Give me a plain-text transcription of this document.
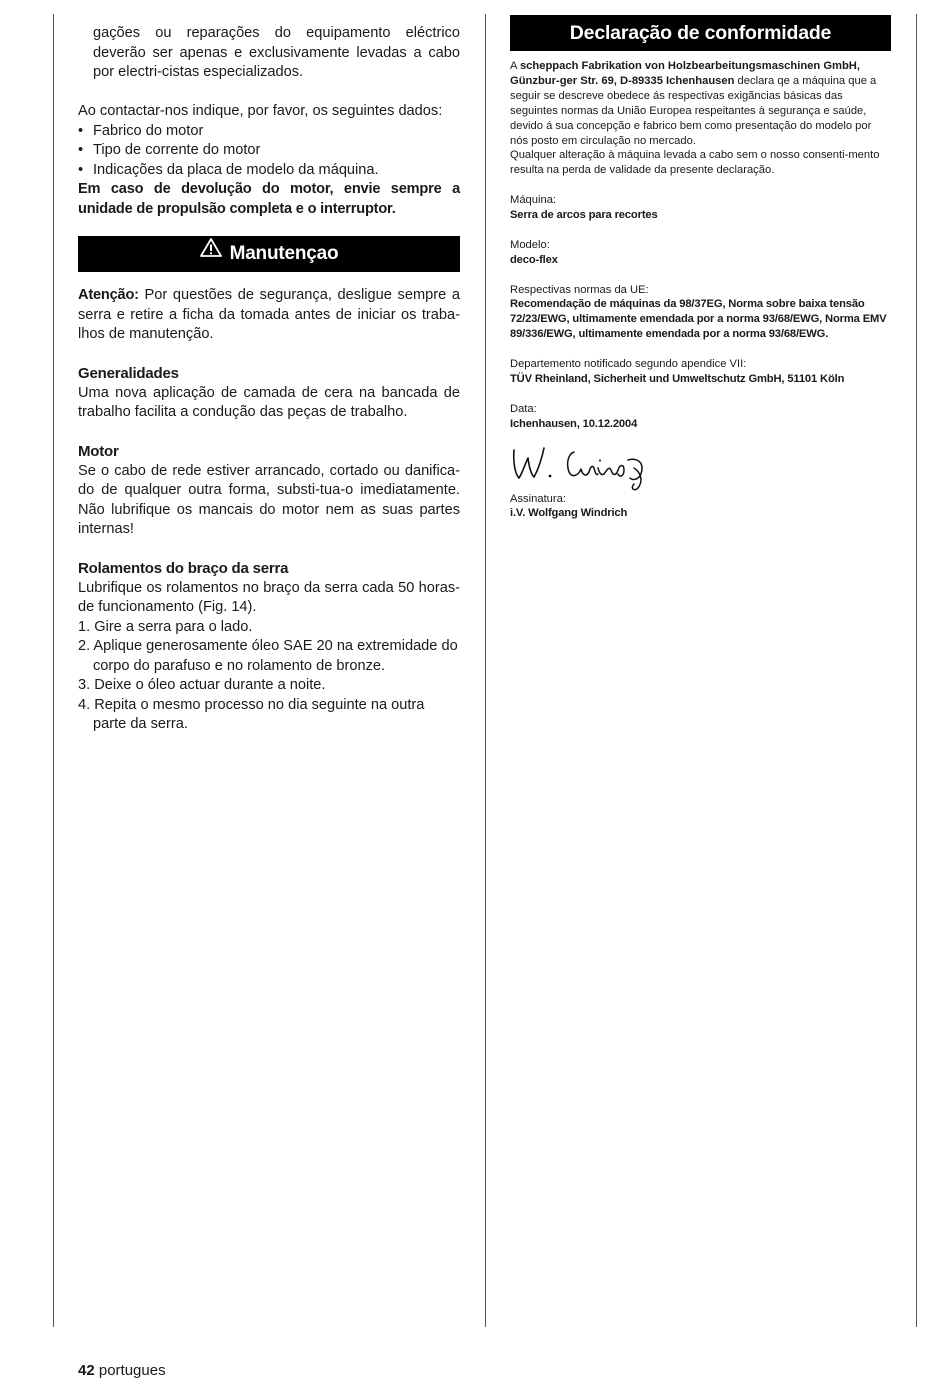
gações ou reparações do equipamento eléctrico deverão ser apenas e exclusivamente levadas a cabo por electri-cistas especializados.

Ao contactar-nos indique, por favor, os seguintes dados:

• Fabrico do motor
• Tipo de corrente do motor
• Indicações da placa de modelo da máquina.

Em caso de devolução do motor, envie sempre a unidade de propulsão completa e o interruptor.

Manutençao

Atenção: Por questões de segurança, desligue sempre a serra e retire a ficha da tomada antes de iniciar os traba-lhos de manutenção.

Generalidades

Uma nova aplicação de camada de cera na bancada de trabalho facilita a condução das peças de trabalho.

Motor

Se o cabo de rede estiver arrancado, cortado ou danifica-do de qualquer outra forma, substi-tua-o imediatamente. Não lubrifique os mancais do motor nem as suas partes internas!

Rolamentos do braço da serra

Lubrifique os rolamentos no braço da serra cada 50 horas-de funcionamento (Fig. 14).

1. Gire a serra para o lado.

2. Aplique generosamente óleo SAE 20 na extremidade do corpo do parafuso e no rolamento de bronze.

3. Deixe o óleo actuar durante a noite.

4. Repita o mesmo processo no dia seguinte na outra parte da serra.

Declaração de conformidade

A scheppach Fabrikation von Holzbearbeitungsmaschinen GmbH, Günzbur-ger Str. 69, D-89335 Ichenhausen declara qe a máquina que a seguir se descreve obedece ás respectivas exigãncias básicas das seguintes normas da União Europea respeitantes à segurança e saúde, devido á sua concepção e fabrico bem como presentação do modelo por nós posto em circulação no mercado.

Qualquer alteração à máquina levada a cabo sem o nosso consenti-mento resulta na perda de validade da presente declaração.

Máquina:

Serra de arcos para recortes

Modelo:

deco-flex

Respectivas normas da UE:

Recomendação de máquinas da 98/37EG, Norma sobre baixa tensão 72/23/EWG, ultimamente emendada por a norma 93/68/EWG, Norma EMV 89/336/EWG, ultimamente emendada por a norma 93/68/EWG.

Departemento notificado segundo apendice VII:

TÜV Rheinland, Sicherheit und Umweltschutz GmbH, 51101 Köln

Data:

Ichenhausen, 10.12.2004

Assinatura:

i.V. Wolfgang Windrich

42 portugues
